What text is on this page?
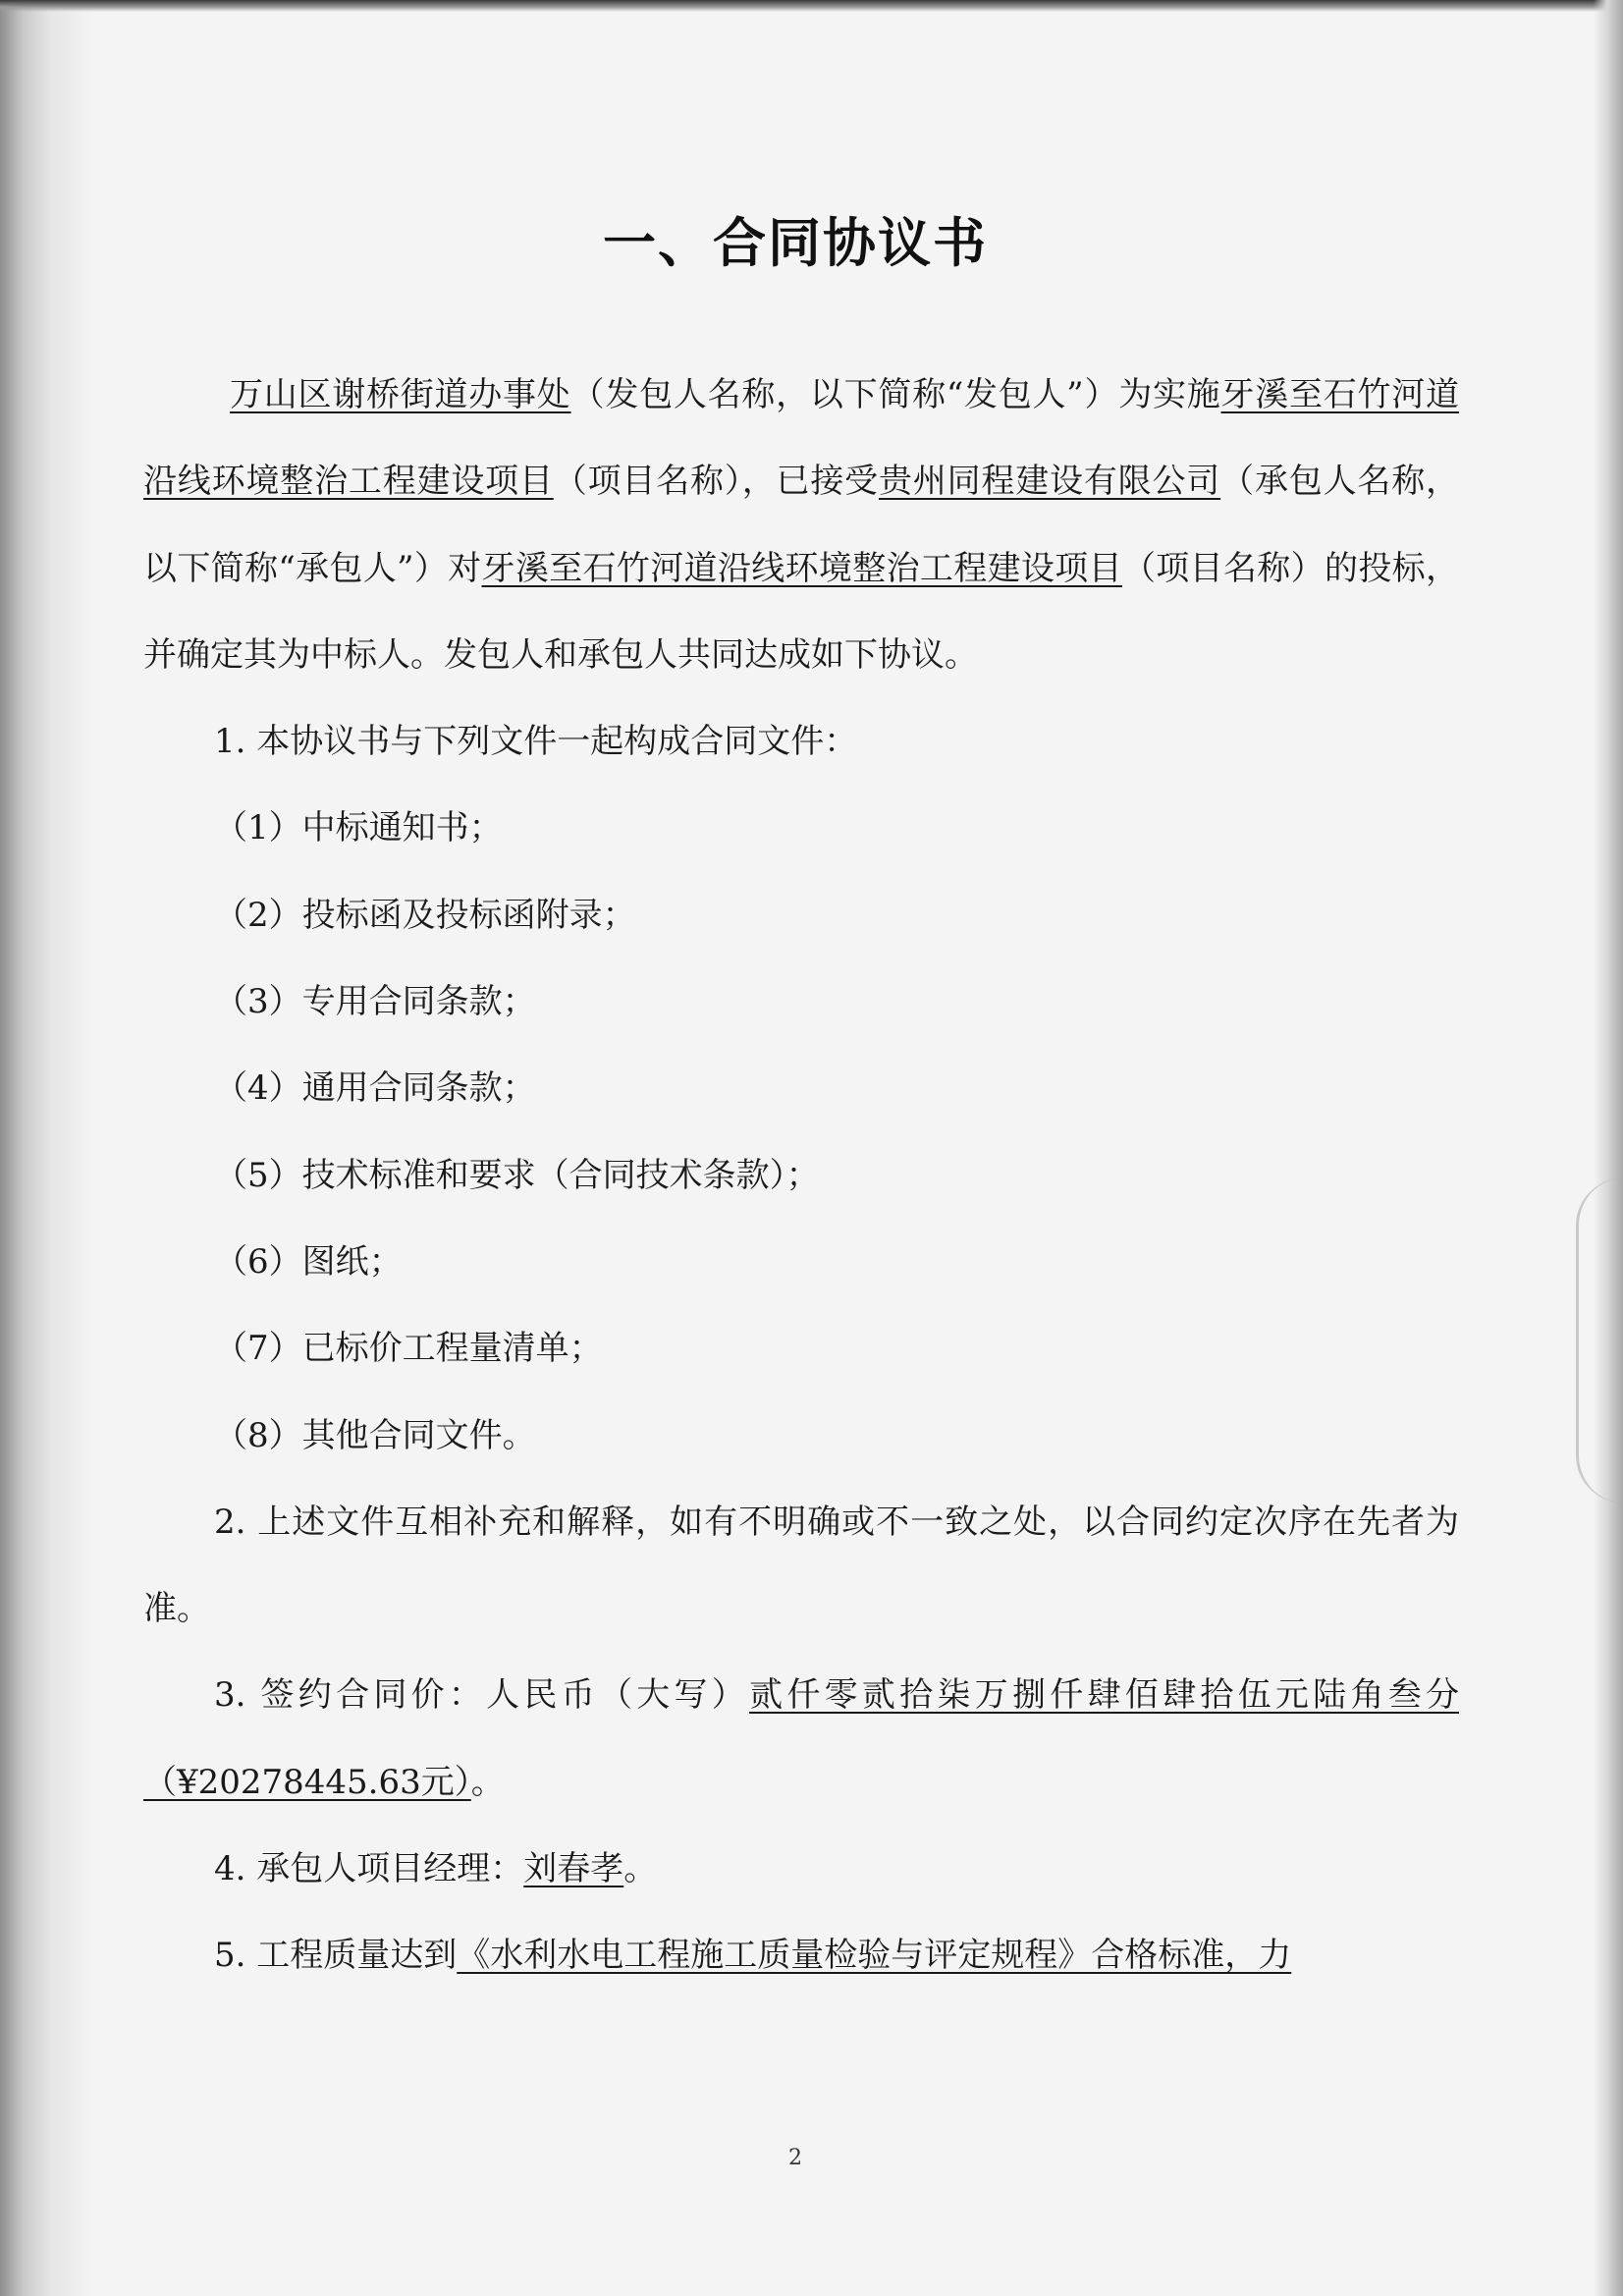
一、合同协议书

万山区谢桥街道办事处（发包人名称，以下简称“发包人”）为实施牙溪至石竹河道沿线环境整治工程建设项目（项目名称），已接受贵州同程建设有限公司（承包人名称，以下简称“承包人”）对牙溪至石竹河道沿线环境整治工程建设项目（项目名称）的投标，并确定其为中标人。发包人和承包人共同达成如下协议。

1. 本协议书与下列文件一起构成合同文件：

（1）中标通知书；

（2）投标函及投标函附录；

（3）专用合同条款；

（4）通用合同条款；

（5）技术标准和要求（合同技术条款）；

（6）图纸；

（7）已标价工程量清单；

（8）其他合同文件。

2. 上述文件互相补充和解释，如有不明确或不一致之处，以合同约定次序在先者为准。

3. 签约合同价：人民币（大写）贰仟零贰拾柒万捌仟肆佰肆拾伍元陆角叁分（¥20278445.63元）。

4. 承包人项目经理：刘春孝。

5. 工程质量达到《水利水电工程施工质量检验与评定规程》合格标准，力

2
